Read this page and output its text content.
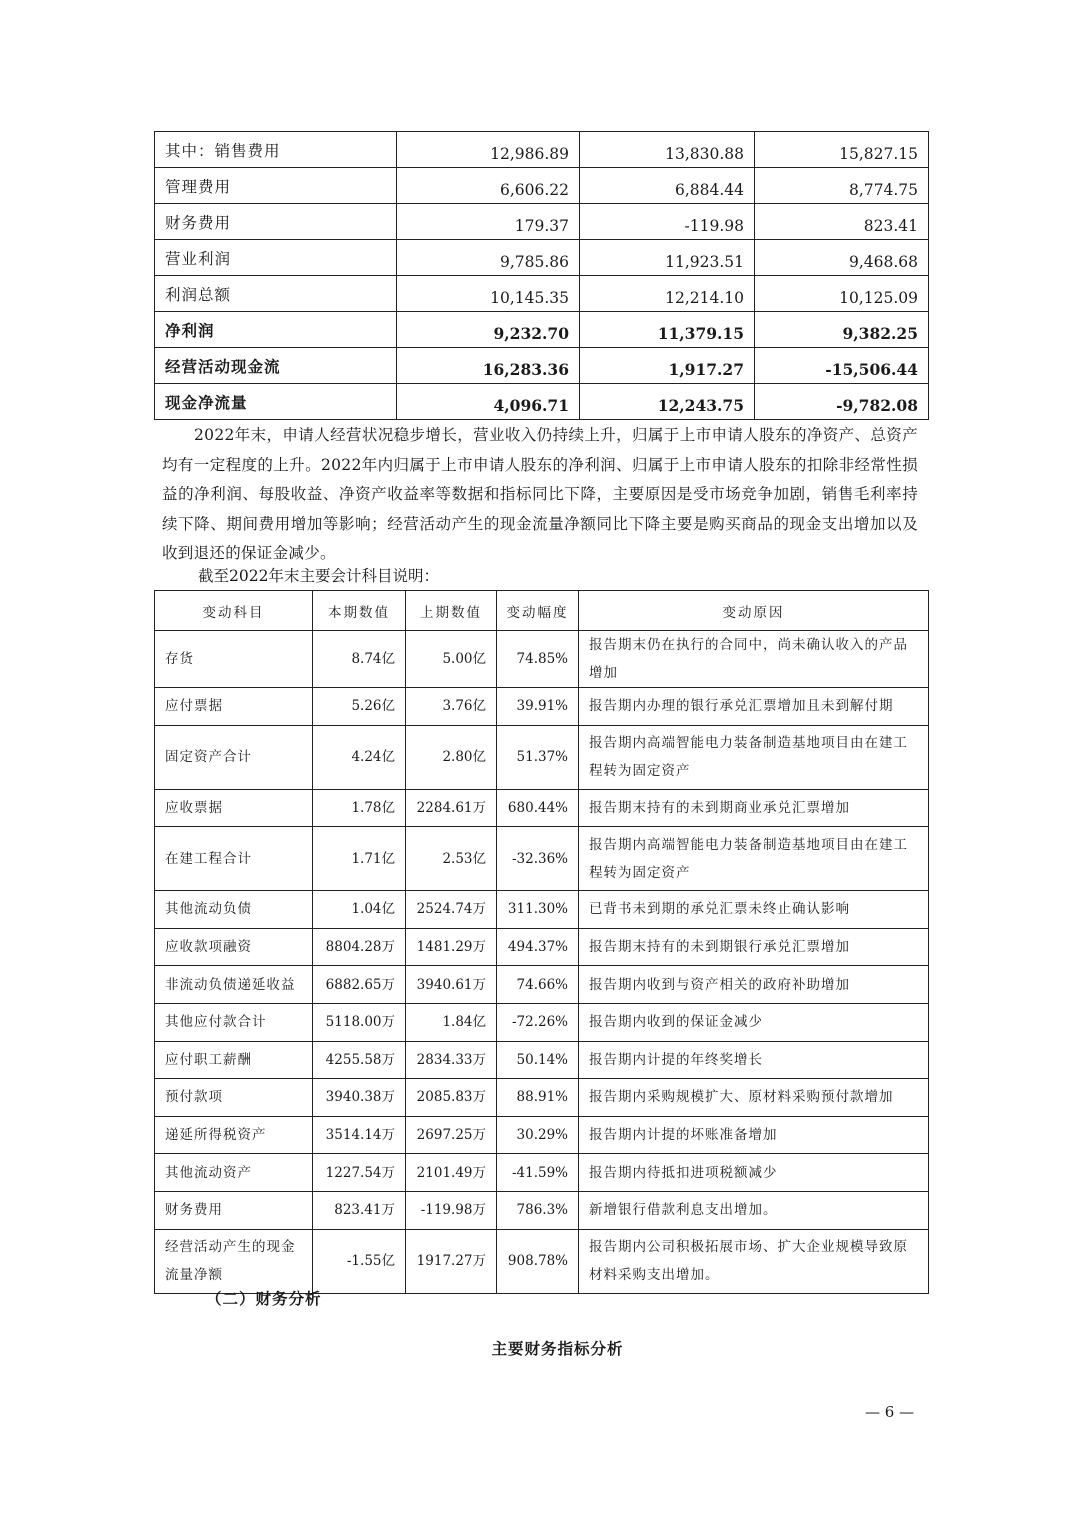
其中：销售费用	12,986.89	13,830.88	15,827.15
管理费用	6,606.22	6,884.44	8,774.75
财务费用	179.37	-119.98	823.41
营业利润	9,785.86	11,923.51	9,468.68
利润总额	10,145.35	12,214.10	10,125.09
净利润	9,232.70	11,379.15	9,382.25
经营活动现金流	16,283.36	1,917.27	-15,506.44
现金净流量	4,096.71	12,243.75	-9,782.08

2022年末，申请人经营状况稳步增长，营业收入仍持续上升，归属于上市申请人股东的净资产、总资产均有一定程度的上升。2022年内归属于上市申请人股东的净利润、归属于上市申请人股东的扣除非经常性损益的净利润、每股收益、净资产收益率等数据和指标同比下降，主要原因是受市场竞争加剧，销售毛利率持续下降、期间费用增加等影响；经营活动产生的现金流量净额同比下降主要是购买商品的现金支出增加以及收到退还的保证金减少。

截至2022年末主要会计科目说明：
变动科目	本期数值	上期数值	变动幅度	变动原因
存货	8.74亿	5.00亿	74.85%	报告期末仍在执行的合同中，尚未确认收入的产品增加
应付票据	5.26亿	3.76亿	39.91%	报告期内办理的银行承兑汇票增加且未到解付期
固定资产合计	4.24亿	2.80亿	51.37%	报告期内高端智能电力装备制造基地项目由在建工程转为固定资产
应收票据	1.78亿	2284.61万	680.44%	报告期末持有的未到期商业承兑汇票增加
在建工程合计	1.71亿	2.53亿	-32.36%	报告期内高端智能电力装备制造基地项目由在建工程转为固定资产
其他流动负债	1.04亿	2524.74万	311.30%	已背书未到期的承兑汇票未终止确认影响
应收款项融资	8804.28万	1481.29万	494.37%	报告期末持有的未到期银行承兑汇票增加
非流动负债递延收益	6882.65万	3940.61万	74.66%	报告期内收到与资产相关的政府补助增加
其他应付款合计	5118.00万	1.84亿	-72.26%	报告期内收到的保证金减少
应付职工薪酬	4255.58万	2834.33万	50.14%	报告期内计提的年终奖增长
预付款项	3940.38万	2085.83万	88.91%	报告期内采购规模扩大、原材料采购预付款增加
递延所得税资产	3514.14万	2697.25万	30.29%	报告期内计提的坏账准备增加
其他流动资产	1227.54万	2101.49万	-41.59%	报告期内待抵扣进项税额减少
财务费用	823.41万	-119.98万	786.3%	新增银行借款利息支出增加。
经营活动产生的现金流量净额	-1.55亿	1917.27万	908.78%	报告期内公司积极拓展市场、扩大企业规模导致原材料采购支出增加。
（二）财务分析
主要财务指标分析
— 6 —
